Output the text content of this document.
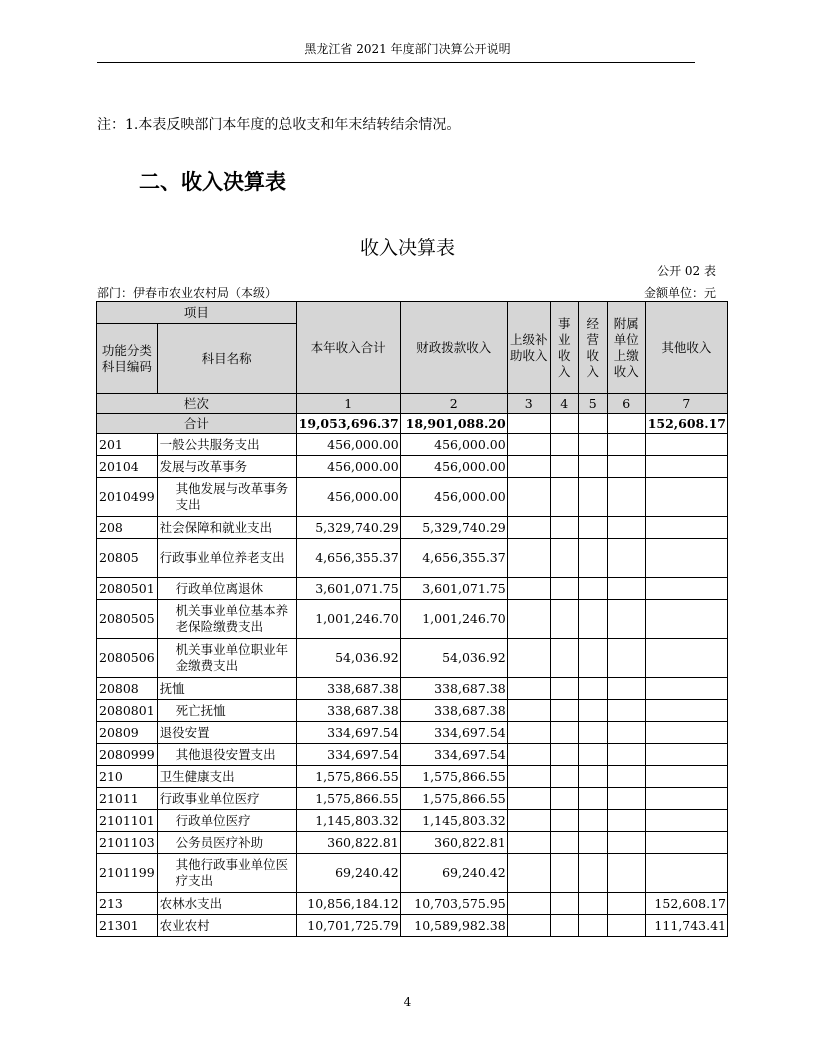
黑龙江省 2021 年度部门决算公开说明
注：1.本表反映部门本年度的总收支和年末结转结余情况。
二、收入决算表
收入决算表
公开 02 表
部门：伊春市农业农村局（本级）	金额单位：元
项目		本年收入合计	财政拨款收入	上级补助收入	事业收入	经营收入	附属单位上缴收入	其他收入
功能分类科目编码	科目名称							
栏次		1	2	3	4	5	6	7
合计		19,053,696.37	18,901,088.20					152,608.17
201	一般公共服务支出	456,000.00	456,000.00					
20104	发展与改革事务	456,000.00	456,000.00					
2010499	其他发展与改革事务支出	456,000.00	456,000.00					
208	社会保障和就业支出	5,329,740.29	5,329,740.29					
20805	行政事业单位养老支出	4,656,355.37	4,656,355.37					
2080501	行政单位离退休	3,601,071.75	3,601,071.75					
2080505	机关事业单位基本养老保险缴费支出	1,001,246.70	1,001,246.70					
2080506	机关事业单位职业年金缴费支出	54,036.92	54,036.92					
20808	抚恤	338,687.38	338,687.38					
2080801	死亡抚恤	338,687.38	338,687.38					
20809	退役安置	334,697.54	334,697.54					
2080999	其他退役安置支出	334,697.54	334,697.54					
210	卫生健康支出	1,575,866.55	1,575,866.55					
21011	行政事业单位医疗	1,575,866.55	1,575,866.55					
2101101	行政单位医疗	1,145,803.32	1,145,803.32					
2101103	公务员医疗补助	360,822.81	360,822.81					
2101199	其他行政事业单位医疗支出	69,240.42	69,240.42					
213	农林水支出	10,856,184.12	10,703,575.95					152,608.17
21301	农业农村	10,701,725.79	10,589,982.38					111,743.41
4
